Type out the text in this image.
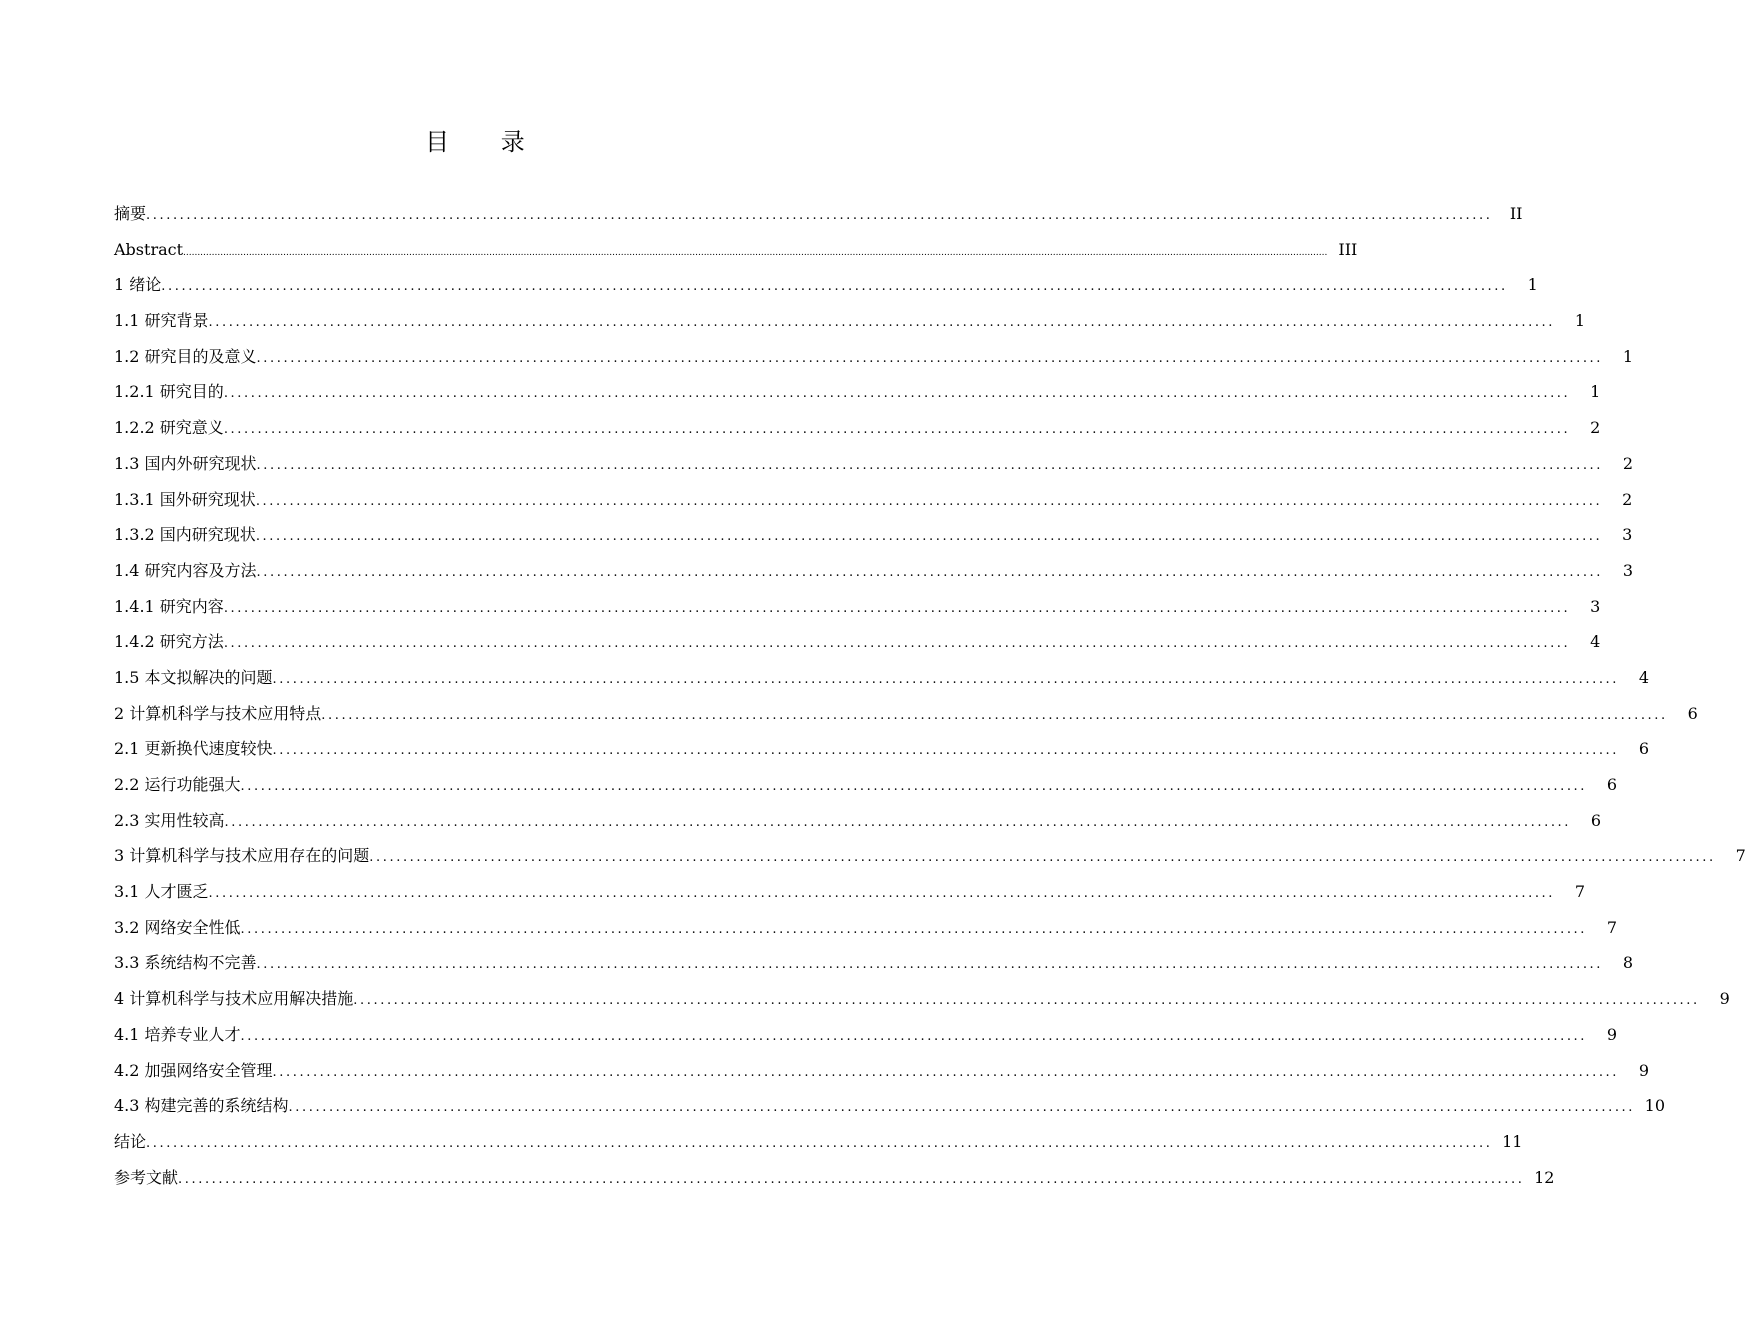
目 录
摘要 ........................................................................................................................................................................................................	II
Abstract ................................................................................................................................................................................................................................................................................................................................................................................................................ III
1 绪论 ........................................................................................................................................................................................................	1
1.1 研究背景 ........................................................................................................................................................................................................	1
1.2 研究目的及意义 ........................................................................................................................................................................................................	1
1.2.1 研究目的 ........................................................................................................................................................................................................	1
1.2.2 研究意义 ........................................................................................................................................................................................................	2
1.3 国内外研究现状 ........................................................................................................................................................................................................	2
1.3.1 国外研究现状 ........................................................................................................................................................................................................	2
1.3.2 国内研究现状 ........................................................................................................................................................................................................	3
1.4 研究内容及方法 ........................................................................................................................................................................................................	3
1.4.1 研究内容 ........................................................................................................................................................................................................	3
1.4.2 研究方法 ........................................................................................................................................................................................................	4
1.5 本文拟解决的问题 ........................................................................................................................................................................................................	4
2 计算机科学与技术应用特点 ........................................................................................................................................................................................................	6
2.1 更新换代速度较快 ........................................................................................................................................................................................................	6
2.2 运行功能强大 ........................................................................................................................................................................................................	6
2.3 实用性较高 ........................................................................................................................................................................................................	6
3 计算机科学与技术应用存在的问题 ........................................................................................................................................................................................................	7
3.1 人才匮乏 ........................................................................................................................................................................................................	7
3.2 网络安全性低 ........................................................................................................................................................................................................	7
3.3 系统结构不完善 ........................................................................................................................................................................................................	8
4 计算机科学与技术应用解决措施 ........................................................................................................................................................................................................	9
4.1 培养专业人才 ........................................................................................................................................................................................................	9
4.2 加强网络安全管理 ........................................................................................................................................................................................................	9
4.3 构建完善的系统结构 ........................................................................................................................................................................................................ 10
结论 ........................................................................................................................................................................................................ 11
参考文献 ........................................................................................................................................................................................................ 12
